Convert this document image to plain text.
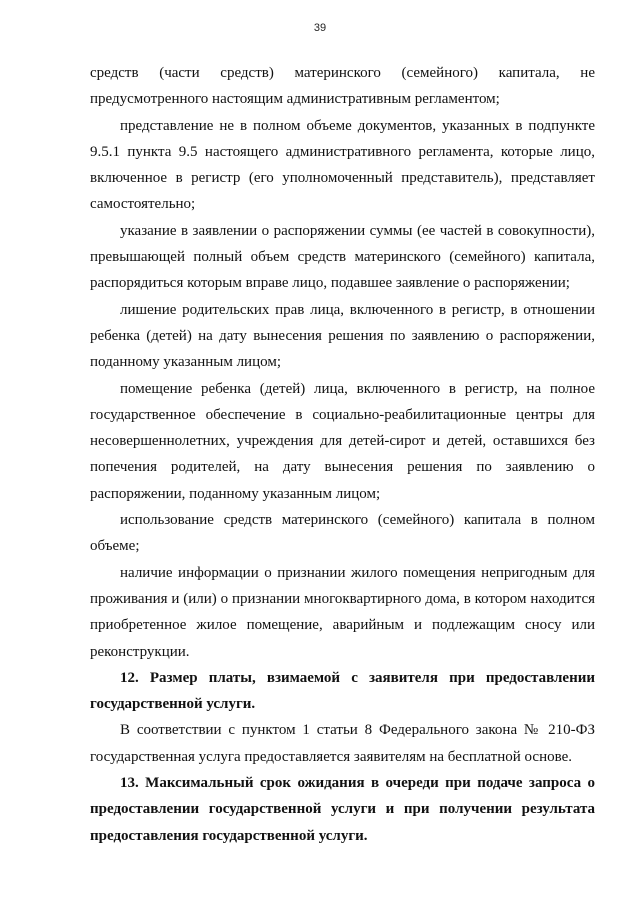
39

средств (части средств) материнского (семейного) капитала, не предусмотренного настоящим административным регламентом;

представление не в полном объеме документов, указанных в подпункте 9.5.1 пункта 9.5 настоящего административного регламента, которые лицо, включенное в регистр (его уполномоченный представитель), представляет самостоятельно;

указание в заявлении о распоряжении суммы (ее частей в совокупности), превышающей полный объем средств материнского (семейного) капитала, распорядиться которым вправе лицо, подавшее заявление о распоряжении;

лишение родительских прав лица, включенного в регистр, в отношении ребенка (детей) на дату вынесения решения по заявлению о распоряжении, поданному указанным лицом;

помещение ребенка (детей) лица, включенного в регистр, на полное государственное обеспечение в социально-реабилитационные центры для несовершеннолетних, учреждения для детей-сирот и детей, оставшихся без попечения родителей, на дату вынесения решения по заявлению о распоряжении, поданному указанным лицом;

использование средств материнского (семейного) капитала в полном объеме;

наличие информации о признании жилого помещения непригодным для проживания и (или) о признании многоквартирного дома, в котором находится приобретенное жилое помещение, аварийным и подлежащим сносу или реконструкции.

12. Размер платы, взимаемой с заявителя при предоставлении государственной услуги.

В соответствии с пунктом 1 статьи 8 Федерального закона № 210-ФЗ государственная услуга предоставляется заявителям на бесплатной основе.

13. Максимальный срок ожидания в очереди при подаче запроса о предоставлении государственной услуги и при получении результата предоставления государственной услуги.
